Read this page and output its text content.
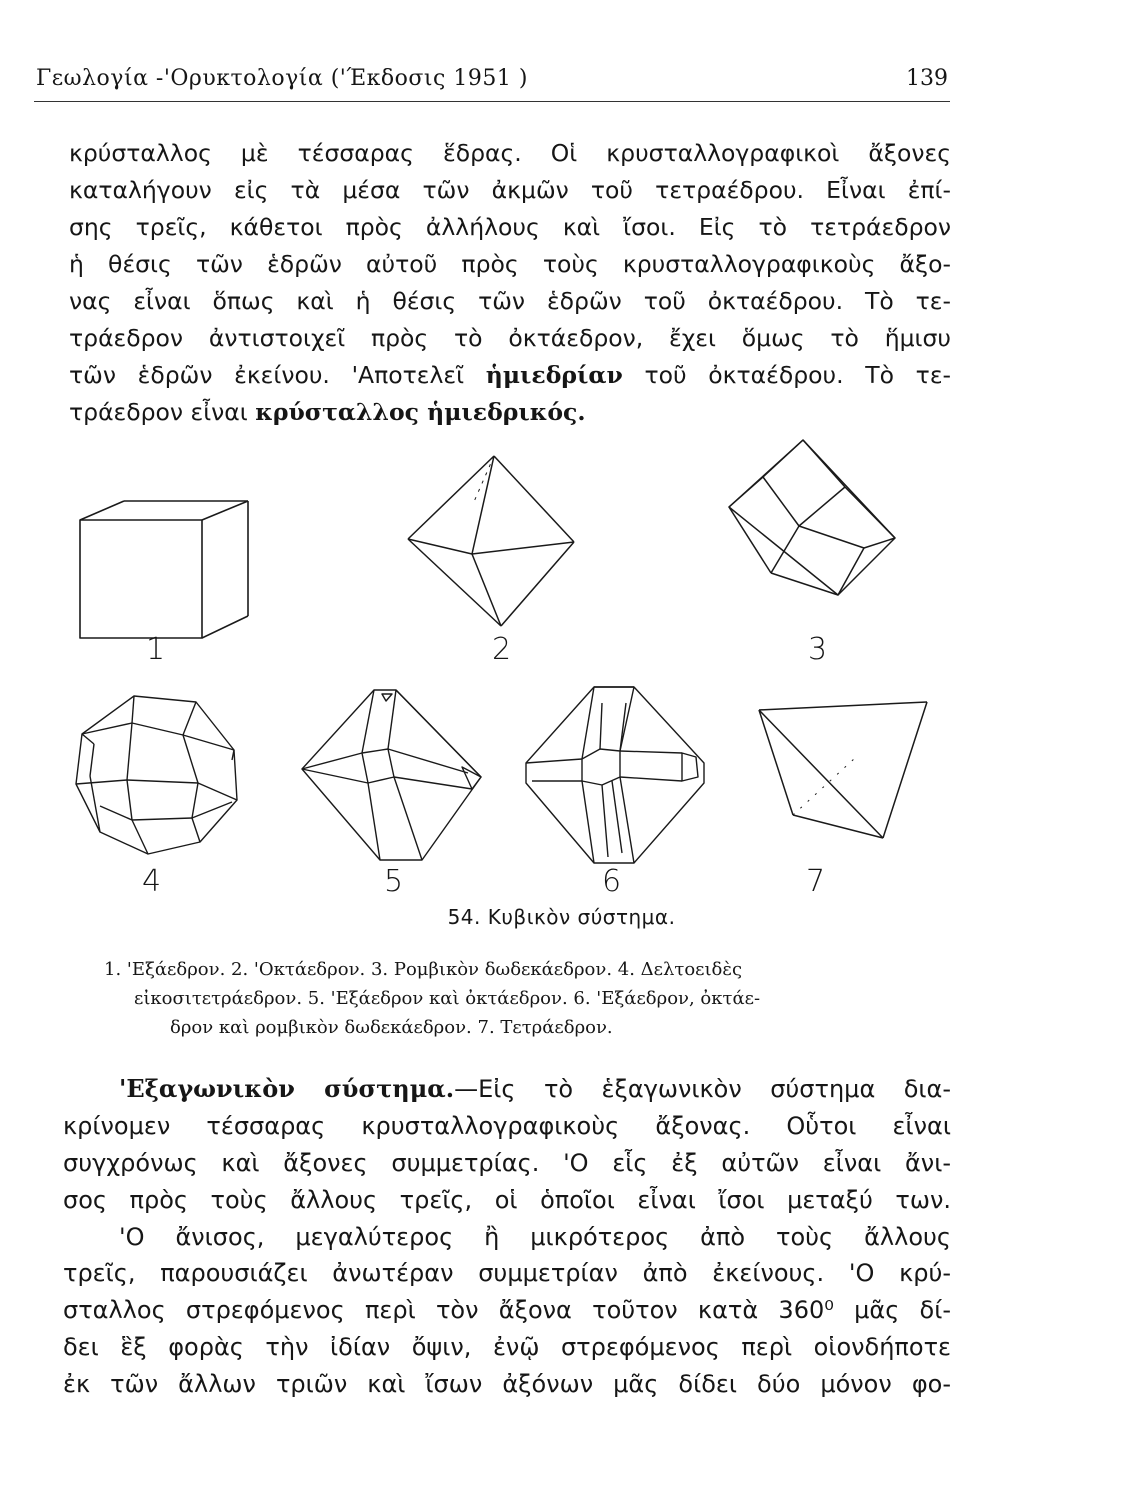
Γεωλογία -'Ορυκτολογία ('Έκδοσις 1951 )	139
κρύσταλλος μὲ τέσσαρας ἕδρας. Οἱ κρυσταλλογραφικοὶ ἄξονες
καταλήγουν εἰς τὰ μέσα τῶν ἀκμῶν τοῦ τετραέδρου. Εἶναι ἐπί-
σης τρεῖς, κάθετοι πρὸς ἀλλήλους καὶ ἴσοι. Εἰς τὸ τετράεδρον
ἡ θέσις τῶν ἑδρῶν αὐτοῦ πρὸς τοὺς κρυσταλλογραφικοὺς ἄξο-
νας εἶναι ὅπως καὶ ἡ θέσις τῶν ἑδρῶν τοῦ ὀκταέδρου. Τὸ τε-
τράεδρον ἀντιστοιχεῖ πρὸς τὸ ὀκτάεδρον, ἔχει ὅμως τὸ ἥμισυ
τῶν ἑδρῶν ἐκείνου. 'Αποτελεῖ ἡμιεδρίαν τοῦ ὀκταέδρου. Τὸ τε-
τράεδρον εἶναι κρύσταλλος ἡμιεδρικός.
1	2	3
4	5	6	7
54. Κυβικὸν σύστημα.
1. 'Εξάεδρον. 2. 'Οκτάεδρον. 3. Ρομβικὸν δωδεκάεδρον. 4. Δελτοειδὲς
εἰκοσιτετράεδρον. 5. 'Εξάεδρον καὶ ὀκτάεδρον. 6. 'Εξάεδρον, ὀκτάε-
δρον καὶ ρομβικὸν δωδεκάεδρον. 7. Τετράεδρον.
'Εξαγωνικὸν σύστημα.—Εἰς τὸ ἑξαγωνικὸν σύστημα δια-
κρίνομεν τέσσαρας κρυσταλλογραφικοὺς ἄξονας. Οὗτοι εἶναι
συγχρόνως καὶ ἄξονες συμμετρίας. 'Ο εἷς ἐξ αὐτῶν εἶναι ἄνι-
σος πρὸς τοὺς ἄλλους τρεῖς, οἱ ὁποῖοι εἶναι ἴσοι μεταξύ των.
'Ο ἄνισος, μεγαλύτερος ἢ μικρότερος ἀπὸ τοὺς ἄλλους
τρεῖς, παρουσιάζει ἀνωτέραν συμμετρίαν ἀπὸ ἐκείνους. 'Ο κρύ-
σταλλος στρεφόμενος περὶ τὸν ἄξονα τοῦτον κατὰ 360⁰ μᾶς δί-
δει ἓξ φορὰς τὴν ἰδίαν ὄψιν, ἐνῷ στρεφόμενος περὶ οἱονδήποτε
ἐκ τῶν ἄλλων τριῶν καὶ ἴσων ἀξόνων μᾶς δίδει δύο μόνον φο-
